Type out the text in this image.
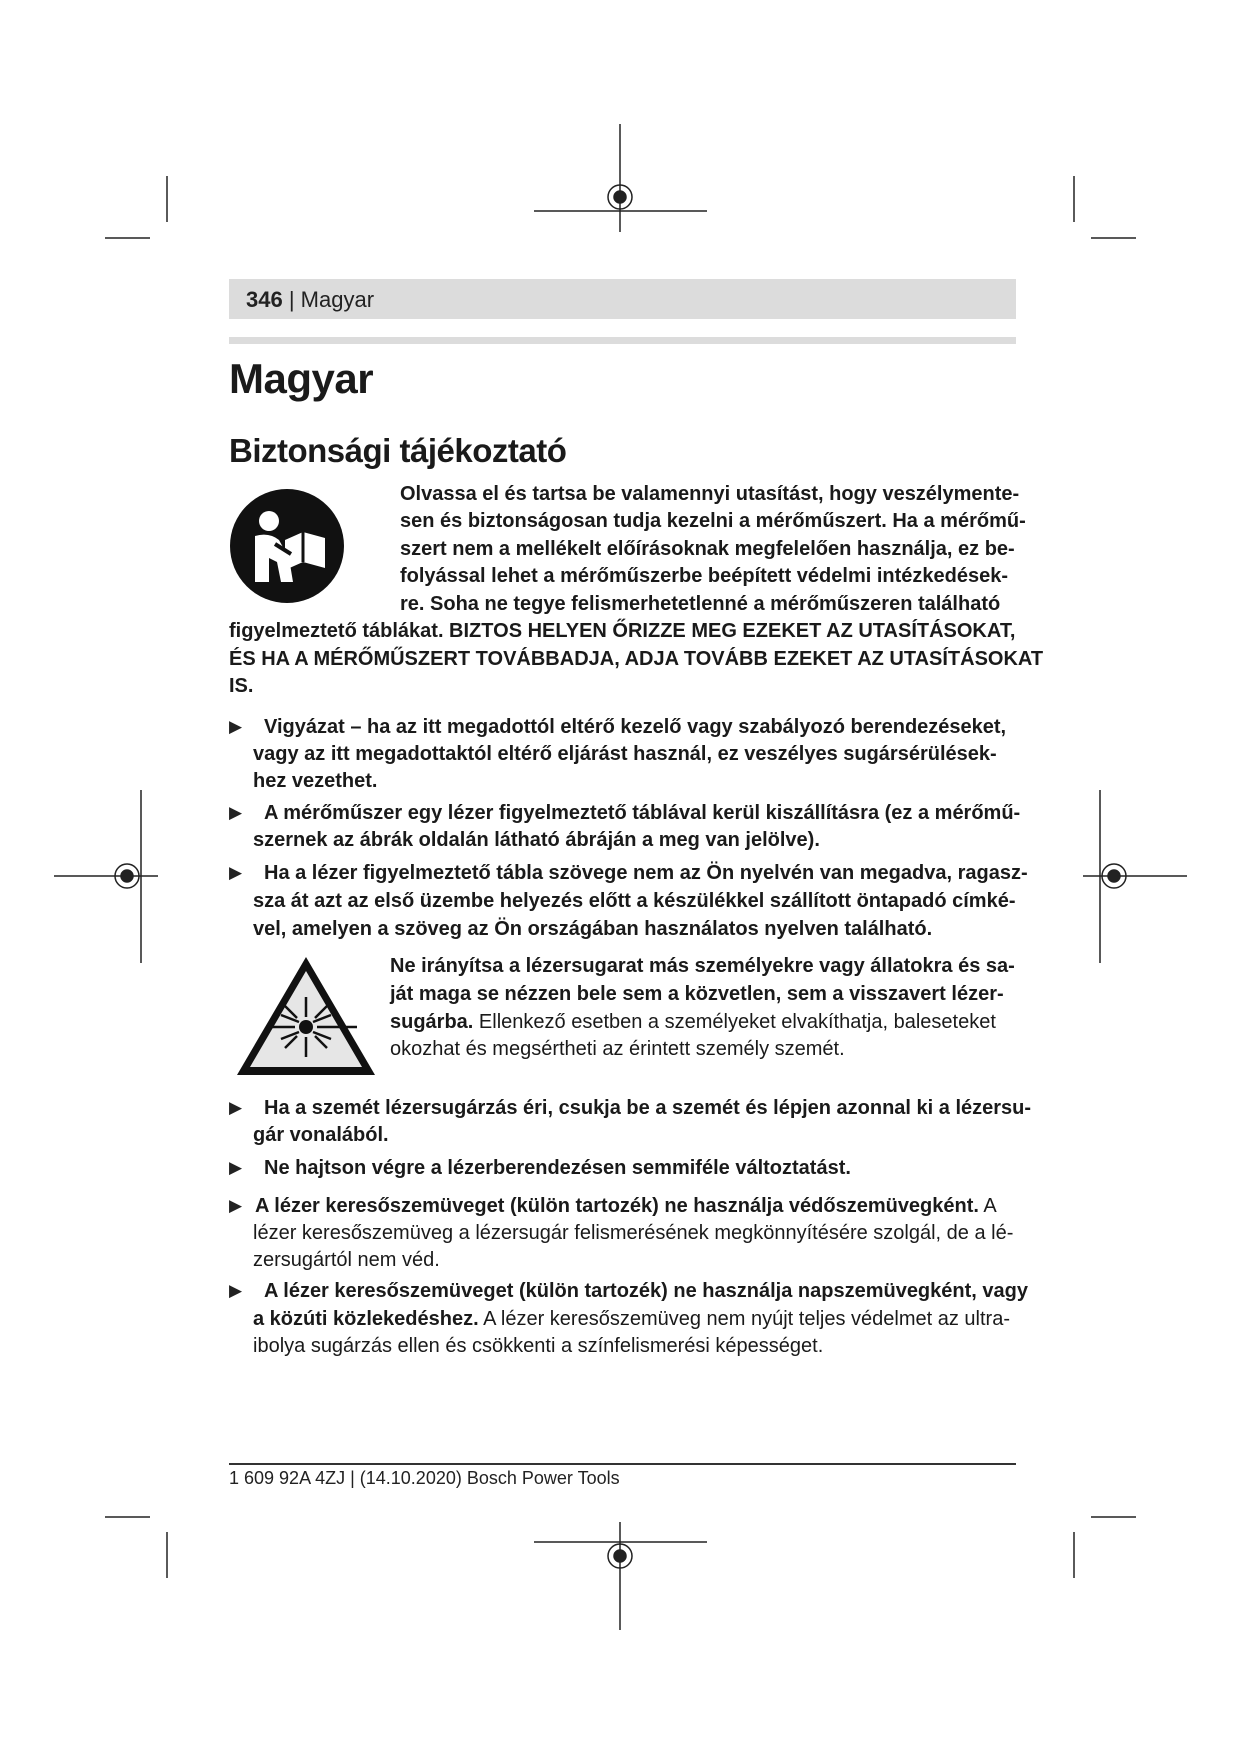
346 | Magyar
Magyar
Biztonsági tájékoztató
Olvassa el és tartsa be valamennyi utasítást, hogy veszélymente-
sen és biztonságosan tudja kezelni a mérőműszert. Ha a mérőmű-
szert nem a mellékelt előírásoknak megfelelően használja, ez be-
folyással lehet a mérőműszerbe beépített védelmi intézkedések-
re. Soha ne tegye felismerhetetlenné a mérőműszeren található
figyelmeztető táblákat. BIZTOS HELYEN ŐRIZZE MEG EZEKET AZ UTASÍTÁSOKAT,
ÉS HA A MÉRŐMŰSZERT TOVÁBBADJA, ADJA TOVÁBB EZEKET AZ UTASÍTÁSOKAT
IS.
▶ Vigyázat – ha az itt megadottól eltérő kezelő vagy szabályozó berendezéseket,
vagy az itt megadottaktól eltérő eljárást használ, ez veszélyes sugársérülések-
hez vezethet.
▶ A mérőműszer egy lézer figyelmeztető táblával kerül kiszállításra (ez a mérőmű-
szernek az ábrák oldalán látható ábráján a meg van jelölve).
▶ Ha a lézer figyelmeztető tábla szövege nem az Ön nyelvén van megadva, ragasz-
sza át azt az első üzembe helyezés előtt a készülékkel szállított öntapadó címké-
vel, amelyen a szöveg az Ön országában használatos nyelven található.
Ne irányítsa a lézersugarat más személyekre vagy állatokra és sa-
ját maga se nézzen bele sem a közvetlen, sem a visszavert lézer-
sugárba. Ellenkező esetben a személyeket elvakíthatja, baleseteket
okozhat és megsértheti az érintett személy szemét.
▶ Ha a szemét lézersugárzás éri, csukja be a szemét és lépjen azonnal ki a lézersu-
gár vonalából.
▶ Ne hajtson végre a lézerberendezésen semmiféle változtatást.
▶ A lézer keresőszemüveget (külön tartozék) ne használja védőszemüvegként. A
lézer keresőszemüveg a lézersugár felismerésének megkönnyítésére szolgál, de a lé-
zersugártól nem véd.
▶ A lézer keresőszemüveget (külön tartozék) ne használja napszemüvegként, vagy
a közúti közlekedéshez. A lézer keresőszemüveg nem nyújt teljes védelmet az ultra-
ibolya sugárzás ellen és csökkenti a színfelismerési képességet.
1 609 92A 4ZJ | (14.10.2020) Bosch Power Tools
